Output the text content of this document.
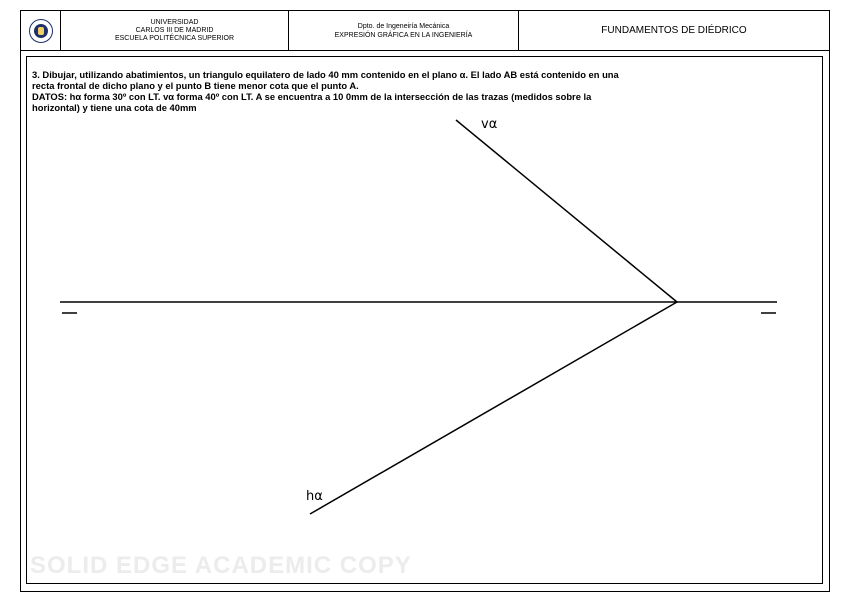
UNIVERSIDAD
CARLOS III DE MADRID
ESCUELA POLITÉCNICA SUPERIOR
Dpto. de Ingeneiría Mecánica
EXPRESIÓN GRÁFICA EN LA INGENIERÍA	FUNDAMENTOS DE DIÉDRICO

3. Dibujar, utilizando abatimientos, un triangulo equilatero de lado 40 mm contenido en el plano α. El lado AB está contenido en una

recta frontal de dicho plano y el punto B tiene menor cota que el punto A.

DATOS: hα forma 30º con LT. vα forma 40º con LT. A se encuentra a 10 0mm de la intersección de las trazas (medidos sobre la

horizontal) y tiene una cota de 40mm

SOLID EDGE ACADEMIC COPY
vα
hα
